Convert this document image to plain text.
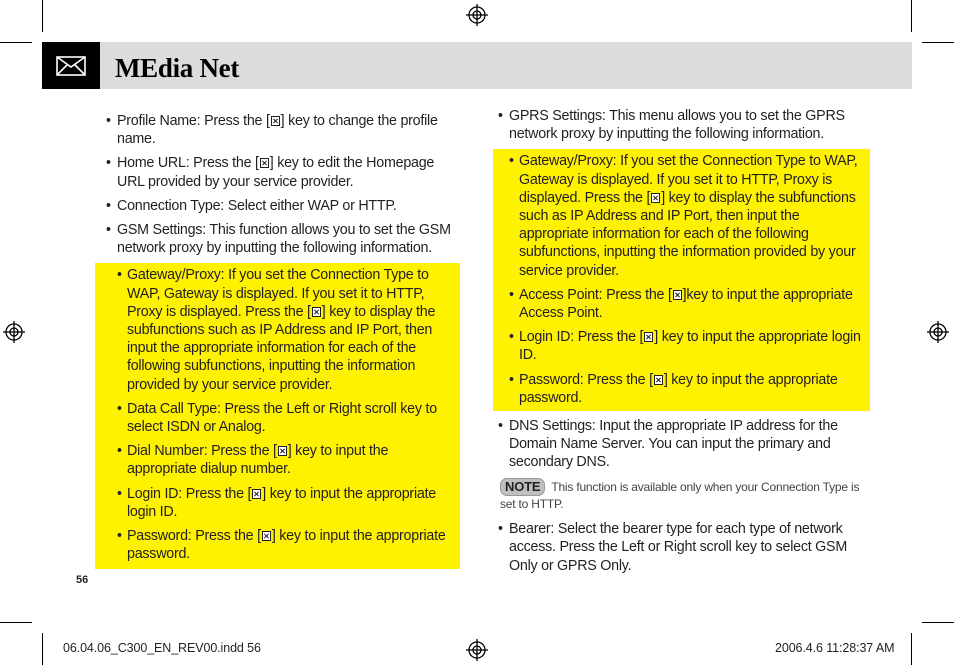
MEdia Net
• Profile Name: Press the [ ] key to change the profile name.
• Home URL: Press the [ ] key to edit the Homepage URL provided by your service provider.
• Connection Type: Select either WAP or HTTP.
• GSM Settings: This function allows you to set the GSM network proxy by inputting the following information.
• Gateway/Proxy: If you set the Connection Type to WAP, Gateway is displayed. If you set it to HTTP, Proxy is displayed. Press the [ ] key to display the subfunctions such as IP Address and IP Port, then input the appropriate information for each of the following subfunctions, inputting the information provided by your service provider.
• Data Call Type: Press the Left or Right scroll key to select ISDN or Analog.
• Dial Number: Press the [ ] key to input the appropriate dialup number.
• Login ID: Press the [ ] key to input the appropriate login ID.
• Password: Press the [ ] key to input the appropriate password.
• GPRS Settings: This menu allows you to set the GPRS network proxy by inputting the following information.
• Gateway/Proxy: If you set the Connection Type to WAP, Gateway is displayed. If you set it to HTTP, Proxy is displayed. Press the [ ] key to display the subfunctions such as IP Address and IP Port, then input the appropriate information for each of the following subfunctions, inputting the information provided by your service provider.
• Access Point: Press the [ ]key to input the appropriate Access Point.
• Login ID: Press the [ ] key to input the appropriate login ID.
• Password: Press the [ ] key to input the appropriate password.
• DNS Settings: Input the appropriate IP address for the Domain Name Server. You can input the primary and secondary DNS.
NOTE This function is available only when your Connection Type is set to HTTP.
• Bearer: Select the bearer type for each type of network access. Press the Left or Right scroll key to select GSM Only or GPRS Only.
56
06.04.06_C300_EN_REV00.indd 56	2006.4.6 11:28:37 AM
